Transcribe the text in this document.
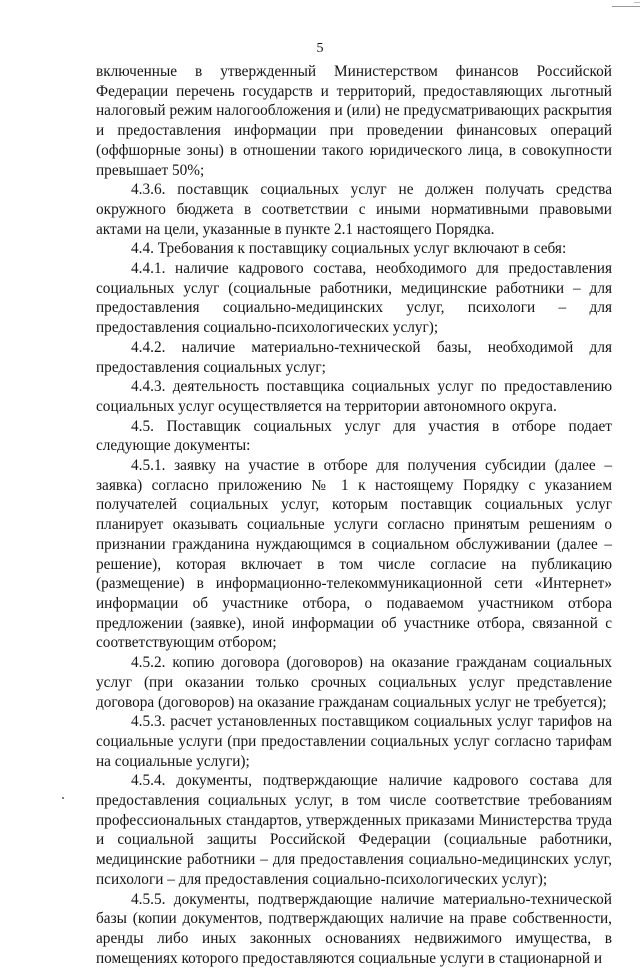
5

включенные в утвержденный Министерством финансов Российской Федерации перечень государств и территорий, предоставляющих льготный налоговый режим налогообложения и (или) не предусматривающих раскрытия и предоставления информации при проведении финансовых операций (оффшорные зоны) в отношении такого юридического лица, в совокупности превышает 50%;

4.3.6. поставщик социальных услуг не должен получать средства окружного бюджета в соответствии с иными нормативными правовыми актами на цели, указанные в пункте 2.1 настоящего Порядка.

4.4. Требования к поставщику социальных услуг включают в себя:

4.4.1. наличие кадрового состава, необходимого для предоставления социальных услуг (социальные работники, медицинские работники – для предоставления социально-медицинских услуг, психологи – для предоставления социально-психологических услуг);

4.4.2. наличие материально-технической базы, необходимой для предоставления социальных услуг;

4.4.3. деятельность поставщика социальных услуг по предоставлению социальных услуг осуществляется на территории автономного округа.

4.5. Поставщик социальных услуг для участия в отборе подает следующие документы:

4.5.1. заявку на участие в отборе для получения субсидии (далее – заявка) согласно приложению № 1 к настоящему Порядку с указанием получателей социальных услуг, которым поставщик социальных услуг планирует оказывать социальные услуги согласно принятым решениям о признании гражданина нуждающимся в социальном обслуживании (далее – решение), которая включает в том числе согласие на публикацию (размещение) в информационно-телекоммуникационной сети «Интернет» информации об участнике отбора, о подаваемом участником отбора предложении (заявке), иной информации об участнике отбора, связанной с соответствующим отбором;

4.5.2. копию договора (договоров) на оказание гражданам социальных услуг (при оказании только срочных социальных услуг представление договора (договоров) на оказание гражданам социальных услуг не требуется);

4.5.3. расчет установленных поставщиком социальных услуг тарифов на социальные услуги (при предоставлении социальных услуг согласно тарифам на социальные услуги);

4.5.4. документы, подтверждающие наличие кадрового состава для предоставления социальных услуг, в том числе соответствие требованиям профессиональных стандартов, утвержденных приказами Министерства труда и социальной защиты Российской Федерации (социальные работники, медицинские работники – для предоставления социально-медицинских услуг, психологи – для предоставления социально-психологических услуг);

4.5.5. документы, подтверждающие наличие материально-технической базы (копии документов, подтверждающих наличие на праве собственности, аренды либо иных законных основаниях недвижимого имущества, в помещениях которого предоставляются социальные услуги в стационарной и
